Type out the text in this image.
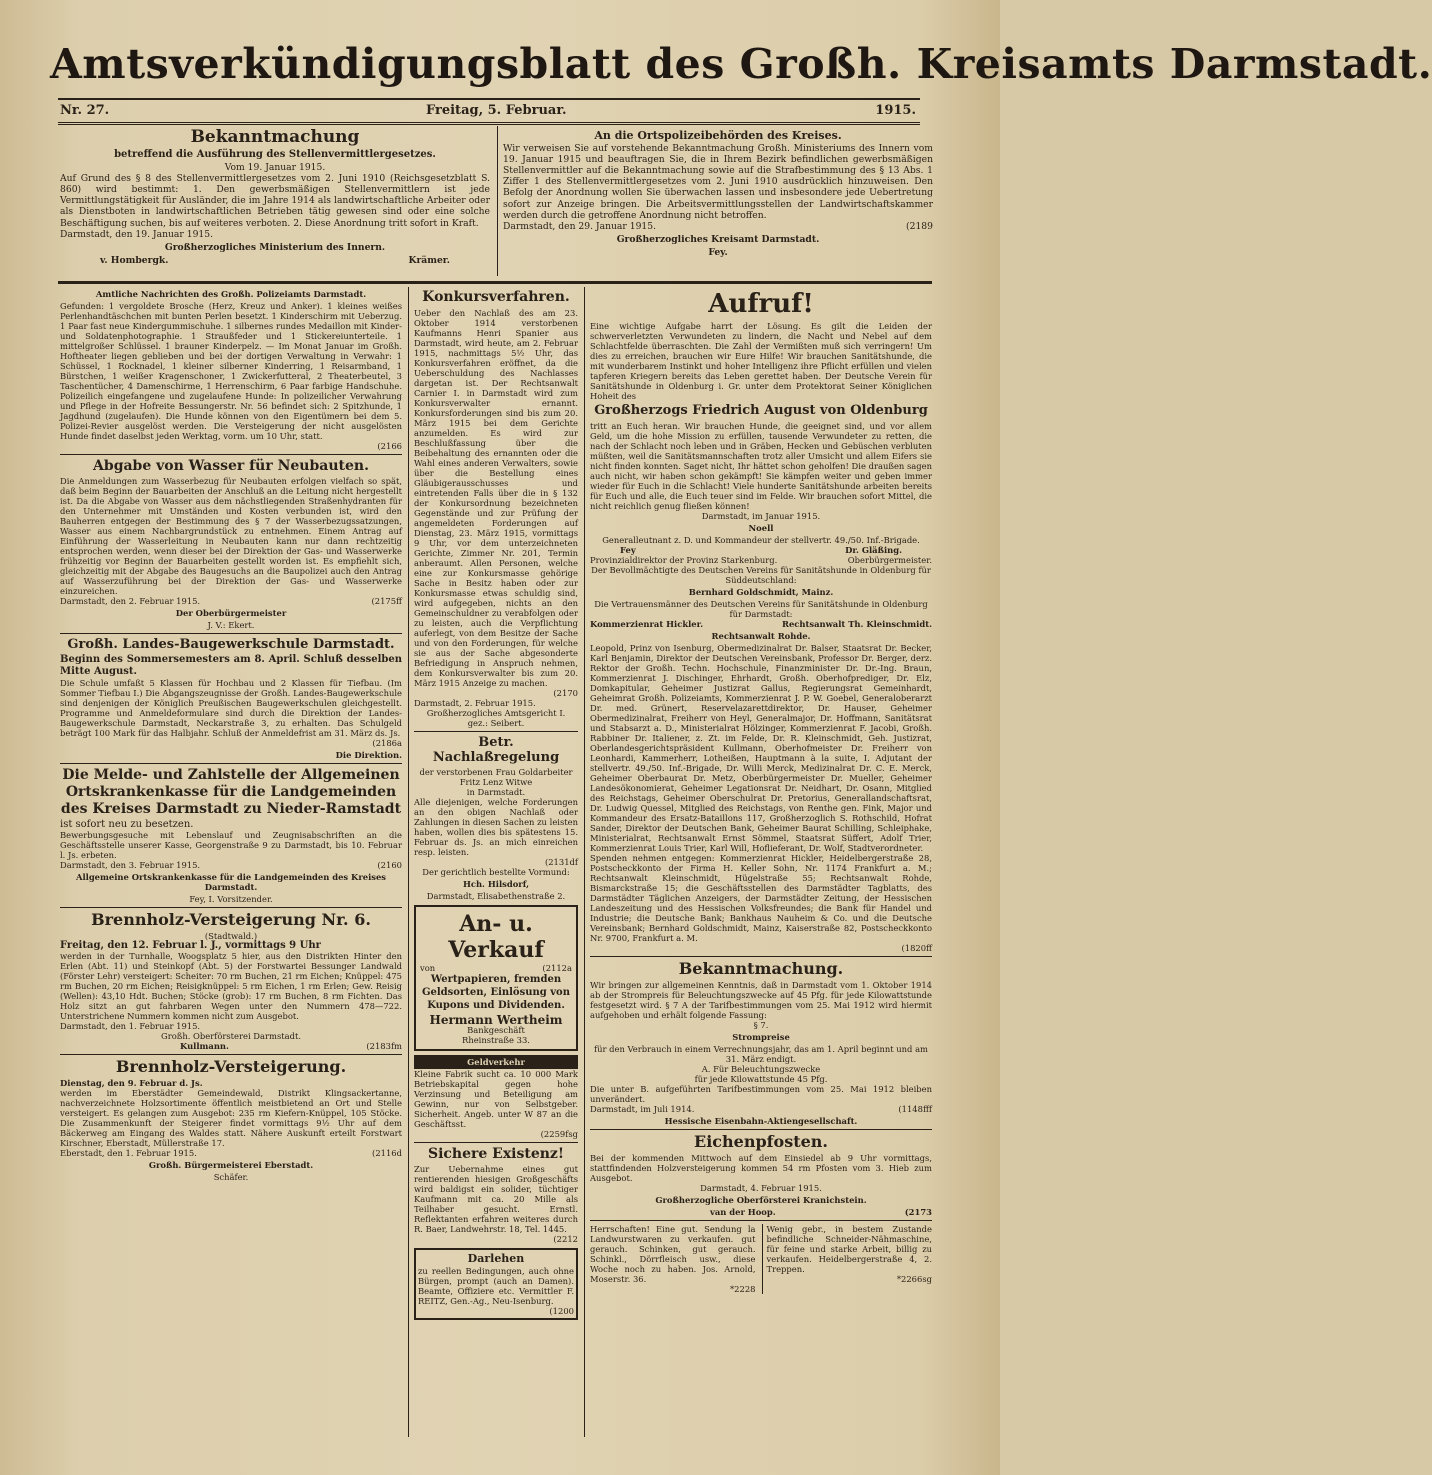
Amtsverkündigungsblatt des Großh. Kreisamts Darmstadt.
Nr. 27.	Freitag, 5. Februar.	1915.
Bekanntmachung
betreffend die Ausführung des Stellenvermittlergesetzes.
Vom 19. Januar 1915.

Auf Grund des § 8 des Stellenvermittlergesetzes vom 2. Juni 1910 (Reichsgesetzblatt S. 860) wird bestimmt: 1. Den gewerbsmäßigen Stellenvermittlern ist jede Vermittlungstätigkeit für Ausländer, die im Jahre 1914 als landwirtschaftliche Arbeiter oder als Dienstboten in landwirtschaftlichen Betrieben tätig gewesen sind oder eine solche Beschäftigung suchen, bis auf weiteres verboten. 2. Diese Anordnung tritt sofort in Kraft.

Darmstadt, den 19. Januar 1915.

Großherzogliches Ministerium des Innern.
v. Hombergk.	Krämer.
An die Ortspolizeibehörden des Kreises.

Wir verweisen Sie auf vorstehende Bekanntmachung Großh. Ministeriums des Innern vom 19. Januar 1915 und beauftragen Sie, die in Ihrem Bezirk befindlichen gewerbsmäßigen Stellenvermittler auf die Bekanntmachung sowie auf die Strafbestimmung des § 13 Abs. 1 Ziffer 1 des Stellenvermittlergesetzes vom 2. Juni 1910 ausdrücklich hinzuweisen. Den Befolg der Anordnung wollen Sie überwachen lassen und insbesondere jede Uebertretung sofort zur Anzeige bringen. Die Arbeitsvermittlungsstellen der Landwirtschaftskammer werden durch die getroffene Anordnung nicht betroffen.

Darmstadt, den 29. Januar 1915.	(2189
Großherzogliches Kreisamt Darmstadt.
Fey.
Amtliche Nachrichten des Großh. Polizeiamts Darmstadt.

Gefunden: 1 vergoldete Brosche (Herz, Kreuz und Anker). 1 kleines weißes Perlenhandtäschchen mit bunten Perlen besetzt. 1 Kinderschirm mit Ueberzug. 1 Paar fast neue Kindergummischuhe. 1 silbernes rundes Medaillon mit Kinder- und Soldatenphotographie. 1 Straußfeder und 1 Stickereiunterteile. 1 mittelgroßer Schlüssel. 1 brauner Kinderpelz. — Im Monat Januar im Großh. Hoftheater liegen geblieben und bei der dortigen Verwaltung in Verwahr: 1 Schüssel, 1 Rocknadel, 1 kleiner silberner Kinderring, 1 Reisarmband, 1 Bürstchen, 1 weißer Kragenschoner, 1 Zwickerfutteral, 2 Theaterbeutel, 3 Taschentücher, 4 Damenschirme, 1 Herrenschirm, 6 Paar farbige Handschuhe. Polizeilich eingefangene und zugelaufene Hunde: In polizeilicher Verwahrung und Pflege in der Hofreite Bessungerstr. Nr. 56 befindet sich: 2 Spitzhunde, 1 Jagdhund (zugelaufen). Die Hunde können von den Eigentümern bei dem 5. Polizei-Revier ausgelöst werden. Die Versteigerung der nicht ausgelösten Hunde findet daselbst jeden Werktag, vorm. um 10 Uhr, statt.

(2166
Abgabe von Wasser für Neubauten.

Die Anmeldungen zum Wasserbezug für Neubauten erfolgen vielfach so spät, daß beim Beginn der Bauarbeiten der Anschluß an die Leitung nicht hergestellt ist. Da die Abgabe von Wasser aus dem nächstliegenden Straßenhydranten für den Unternehmer mit Umständen und Kosten verbunden ist, wird den Bauherren entgegen der Bestimmung des § 7 der Wasserbezugssatzungen, Wasser aus einem Nachbargrundstück zu entnehmen. Einem Antrag auf Einführung der Wasserleitung in Neubauten kann nur dann rechtzeitig entsprochen werden, wenn dieser bei der Direktion der Gas- und Wasserwerke frühzeitig vor Beginn der Bauarbeiten gestellt worden ist. Es empfiehlt sich, gleichzeitig mit der Abgabe des Baugesuchs an die Baupolizei auch den Antrag auf Wasserzuführung bei der Direktion der Gas- und Wasserwerke einzureichen.

Darmstadt, den 2. Februar 1915.	(2175ff
Der Oberbürgermeister
J. V.: Ekert.
Großh. Landes-Baugewerkschule Darmstadt.

Beginn des Sommersemesters am 8. April. Schluß desselben Mitte August.

Die Schule umfaßt 5 Klassen für Hochbau und 2 Klassen für Tiefbau. (Im Sommer Tiefbau I.) Die Abgangszeugnisse der Großh. Landes-Baugewerkschule sind denjenigen der Königlich Preußischen Baugewerkschulen gleichgestellt. Programme und Anmeldeformulare sind durch die Direktion der Landes-Baugewerkschule Darmstadt, Neckarstraße 3, zu erhalten. Das Schulgeld beträgt 100 Mark für das Halbjahr. Schluß der Anmeldefrist am 31. März ds. Js.

(2186a
Die Direktion.
Die Melde- und Zahlstelle der Allgemeinen Ortskrankenkasse für die Landgemeinden des Kreises Darmstadt zu Nieder-Ramstadt

ist sofort neu zu besetzen.

Bewerbungsgesuche mit Lebenslauf und Zeugnisabschriften an die Geschäftsstelle unserer Kasse, Georgenstraße 9 zu Darmstadt, bis 10. Februar l. Js. erbeten.

Darmstadt, den 3. Februar 1915.	(2160
Allgemeine Ortskrankenkasse für die Landgemeinden des Kreises Darmstadt.
Fey, I. Vorsitzender.
Brennholz-Versteigerung Nr. 6.
(Stadtwald.)

Freitag, den 12. Februar l. J., vormittags 9 Uhr

werden in der Turnhalle, Woogsplatz 5 hier, aus den Distrikten Hinter den Erlen (Abt. 11) und Steinkopf (Abt. 5) der Forstwartei Bessunger Landwald (Förster Lehr) versteigert: Scheiter: 70 rm Buchen, 21 rm Eichen; Knüppel: 475 rm Buchen, 20 rm Eichen; Reisigknüppel: 5 rm Eichen, 1 rm Erlen; Gew. Reisig (Wellen): 43,10 Hdt. Buchen; Stöcke (grob): 17 rm Buchen, 8 rm Fichten. Das Holz sitzt an gut fahrbaren Wegen unter den Nummern 478—722. Unterstrichene Nummern kommen nicht zum Ausgebot.

Darmstadt, den 1. Februar 1915.

Großh. Oberförsterei Darmstadt.
Kullmann.	(2183fm
Brennholz-Versteigerung.

Dienstag, den 9. Februar d. Js.

werden im Eberstädter Gemeindewald, Distrikt Klingsackertanne, nachverzeichnete Holzsortimente öffentlich meistbietend an Ort und Stelle versteigert. Es gelangen zum Ausgebot: 235 rm Kiefern-Knüppel, 105 Stöcke. Die Zusammenkunft der Steigerer findet vormittags 9½ Uhr auf dem Bäckerweg am Eingang des Waldes statt. Nähere Auskunft erteilt Forstwart Kirschner, Eberstadt, Müllerstraße 17.

Eberstadt, den 1. Februar 1915.	(2116d
Großh. Bürgermeisterei Eberstadt.
Schäfer.
Konkursverfahren.

Ueber den Nachlaß des am 23. Oktober 1914 verstorbenen Kaufmanns Henri Spanier aus Darmstadt, wird heute, am 2. Februar 1915, nachmittags 5½ Uhr, das Konkursverfahren eröffnet, da die Ueberschuldung des Nachlasses dargetan ist. Der Rechtsanwalt Carnier I. in Darmstadt wird zum Konkursverwalter ernannt. Konkursforderungen sind bis zum 20. März 1915 bei dem Gerichte anzumelden. Es wird zur Beschlußfassung über die Beibehaltung des ernannten oder die Wahl eines anderen Verwalters, sowie über die Bestellung eines Gläubigerausschusses und eintretenden Falls über die in § 132 der Konkursordnung bezeichneten Gegenstände und zur Prüfung der angemeldeten Forderungen auf Dienstag, 23. März 1915, vormittags 9 Uhr, vor dem unterzeichneten Gerichte, Zimmer Nr. 201, Termin anberaumt. Allen Personen, welche eine zur Konkursmasse gehörige Sache in Besitz haben oder zur Konkursmasse etwas schuldig sind, wird aufgegeben, nichts an den Gemeinschuldner zu verabfolgen oder zu leisten, auch die Verpflichtung auferlegt, von dem Besitze der Sache und von den Forderungen, für welche sie aus der Sache abgesonderte Befriedigung in Anspruch nehmen, dem Konkursverwalter bis zum 20. März 1915 Anzeige zu machen.

(2170

Darmstadt, 2. Februar 1915.

Großherzogliches Amtsgericht I.
gez.: Seibert.
Betr. Nachlaßregelung
der verstorbenen Frau Goldarbeiter Fritz Lenz Witwe
in Darmstadt.

Alle diejenigen, welche Forderungen an den obigen Nachlaß oder Zahlungen in diesen Sachen zu leisten haben, wollen dies bis spätestens 15. Februar ds. Js. an mich einreichen resp. leisten.

(2131df
Der gerichtlich bestellte Vormund:
Hch. Hilsdorf,
Darmstadt, Elisabethenstraße 2.
An- u. Verkauf
von	(2112a
Wertpapieren, fremden Geldsorten, Einlösung von Kupons und Dividenden.
Hermann Wertheim
Bankgeschäft
Rheinstraße 33.
Geldverkehr

Kleine Fabrik sucht ca. 10 000 Mark Betriebskapital gegen hohe Verzinsung und Beteiligung am Gewinn, nur von Selbstgeber. Sicherheit. Angeb. unter W 87 an die Geschäftsst.

(2259fsg
Sichere Existenz!

Zur Uebernahme eines gut rentierenden hiesigen Großgeschäfts wird baldigst ein solider, tüchtiger Kaufmann mit ca. 20 Mille als Teilhaber gesucht. Ernstl. Reflektanten erfahren weiteres durch R. Baer, Landwehrstr. 18, Tel. 1445.

(2212
Darlehen

zu reellen Bedingungen, auch ohne Bürgen, prompt (auch an Damen). Beamte, Offiziere etc. Vermittler F. REITZ, Gen.-Ag., Neu-Isenburg.

(1200
Aufruf!

Eine wichtige Aufgabe harrt der Lösung. Es gilt die Leiden der schwerverletzten Verwundeten zu lindern, die Nacht und Nebel auf dem Schlachtfelde überraschten. Die Zahl der Vermißten muß sich verringern! Um dies zu erreichen, brauchen wir Eure Hilfe! Wir brauchen Sanitätshunde, die mit wunderbarem Instinkt und hoher Intelligenz ihre Pflicht erfüllen und vielen tapferen Kriegern bereits das Leben gerettet haben. Der Deutsche Verein für Sanitätshunde in Oldenburg i. Gr. unter dem Protektorat Seiner Königlichen Hoheit des

Großherzogs Friedrich August von Oldenburg

tritt an Euch heran. Wir brauchen Hunde, die geeignet sind, und vor allem Geld, um die hohe Mission zu erfüllen, tausende Verwundeter zu retten, die nach der Schlacht noch leben und in Gräben, Hecken und Gebüschen verbluten müßten, weil die Sanitätsmannschaften trotz aller Umsicht und allem Eifers sie nicht finden konnten. Saget nicht, Ihr hättet schon geholfen! Die draußen sagen auch nicht, wir haben schon gekämpft! Sie kämpfen weiter und geben immer wieder für Euch in die Schlacht! Viele hunderte Sanitätshunde arbeiten bereits für Euch und alle, die Euch teuer sind im Felde. Wir brauchen sofort Mittel, die nicht reichlich genug fließen können!

Darmstadt, im Januar 1915.
Noell
Generalleutnant z. D. und Kommandeur der stellvertr. 49./50. Inf.-Brigade.
Fey	Dr. Gläßing.
Provinzialdirektor der Provinz Starkenburg.	Oberbürgermeister.
Der Bevollmächtigte des Deutschen Vereins für Sanitätshunde in Oldenburg für Süddeutschland:
Bernhard Goldschmidt, Mainz.
Die Vertrauensmänner des Deutschen Vereins für Sanitätshunde in Oldenburg für Darmstadt:
Kommerzienrat Hickler.	Rechtsanwalt Th. Kleinschmidt.
Rechtsanwalt Rohde.

Leopold, Prinz von Isenburg, Obermedizinalrat Dr. Balser, Staatsrat Dr. Becker, Karl Benjamin, Direktor der Deutschen Vereinsbank, Professor Dr. Berger, derz. Rektor der Großh. Techn. Hochschule, Finanzminister Dr. Dr.-Ing. Braun, Kommerzienrat J. Dischinger, Ehrhardt, Großh. Oberhofprediger, Dr. Elz, Domkapitular, Geheimer Justizrat Gallus, Regierungsrat Gemeinhardt, Geheimrat Großh. Polizeiamts, Kommerzienrat J. P. W. Goebel, Generaloberarzt Dr. med. Grünert, Reservelazarettdirektor, Dr. Hauser, Geheimer Obermedizinalrat, Freiherr von Heyl, Generalmajor, Dr. Hoffmann, Sanitätsrat und Stabsarzt a. D., Ministerialrat Hölzinger, Kommerzienrat F. Jacobi, Großh. Rabbiner Dr. Italiener, z. Zt. im Felde, Dr. R. Kleinschmidt, Geh. Justizrat, Oberlandesgerichtspräsident Kullmann, Oberhofmeister Dr. Freiherr von Leonhardi, Kammerherr, Lotheißen, Hauptmann à la suite, I. Adjutant der stellvertr. 49./50. Inf.-Brigade, Dr. Willi Merck, Medizinalrat Dr. C. E. Merck, Geheimer Oberbaurat Dr. Metz, Oberbürgermeister Dr. Mueller, Geheimer Landesökonomierat, Geheimer Legationsrat Dr. Neidhart, Dr. Osann, Mitglied des Reichstags, Geheimer Oberschulrat Dr. Pretorius, Generallandschaftsrat, Dr. Ludwig Quessel, Mitglied des Reichstags, von Renthe gen. Fink, Major und Kommandeur des Ersatz-Bataillons 117, Großherzoglich S. Rothschild, Hofrat Sander, Direktor der Deutschen Bank, Geheimer Baurat Schilling, Schleiphake, Ministerialrat, Rechtsanwalt Ernst Sömmel, Staatsrat Süffert, Adolf Trier, Kommerzienrat Louis Trier, Karl Will, Hoflieferant, Dr. Wolf, Stadtverordneter.

Spenden nehmen entgegen: Kommerzienrat Hickler, Heidelbergerstraße 28, Postscheckkonto der Firma H. Keller Sohn, Nr. 1174 Frankfurt a. M.; Rechtsanwalt Kleinschmidt, Hügelstraße 55; Rechtsanwalt Rohde, Bismarckstraße 15; die Geschäftsstellen des Darmstädter Tagblatts, des Darmstädter Täglichen Anzeigers, der Darmstädter Zeitung, der Hessischen Landeszeitung und des Hessischen Volksfreundes; die Bank für Handel und Industrie; die Deutsche Bank; Bankhaus Nauheim & Co. und die Deutsche Vereinsbank; Bernhard Goldschmidt, Mainz, Kaiserstraße 82, Postscheckkonto Nr. 9700, Frankfurt a. M.

(1820ff
Bekanntmachung.

Wir bringen zur allgemeinen Kenntnis, daß in Darmstadt vom 1. Oktober 1914 ab der Strompreis für Beleuchtungszwecke auf 45 Pfg. für jede Kilowattstunde festgesetzt wird. § 7 A der Tarifbestimmungen vom 25. Mai 1912 wird hiermit aufgehoben und erhält folgende Fassung:

§ 7.
Strompreise
für den Verbrauch in einem Verrechnungsjahr, das am 1. April beginnt und am 31. März endigt.
A. Für Beleuchtungszwecke
für jede Kilowattstunde 45 Pfg.

Die unter B. aufgeführten Tarifbestimmungen vom 25. Mai 1912 bleiben unverändert.

Darmstadt, im Juli 1914.	(1148fff
Hessische Eisenbahn-Aktiengesellschaft.
Eichenpfosten.

Bei der kommenden Mittwoch auf dem Einsiedel ab 9 Uhr vormittags, stattfindenden Holzversteigerung kommen 54 rm Pfosten vom 3. Hieb zum Ausgebot.

Darmstadt, 4. Februar 1915.
Großherzogliche Oberförsterei Kranichstein.
van der Hoop.	(2173

Herrschaften! Eine gut. Sendung la Landwurstwaren zu verkaufen. gut gerauch. Schinken, gut gerauch. Schinkl., Dörrfleisch usw., diese Woche noch zu haben. Jos. Arnold, Moserstr. 36.

*2228

Wenig gebr., in bestem Zustande befindliche Schneider-Nähmaschine, für feine und starke Arbeit, billig zu verkaufen. Heidelbergerstraße 4, 2. Treppen.

*2266sg
